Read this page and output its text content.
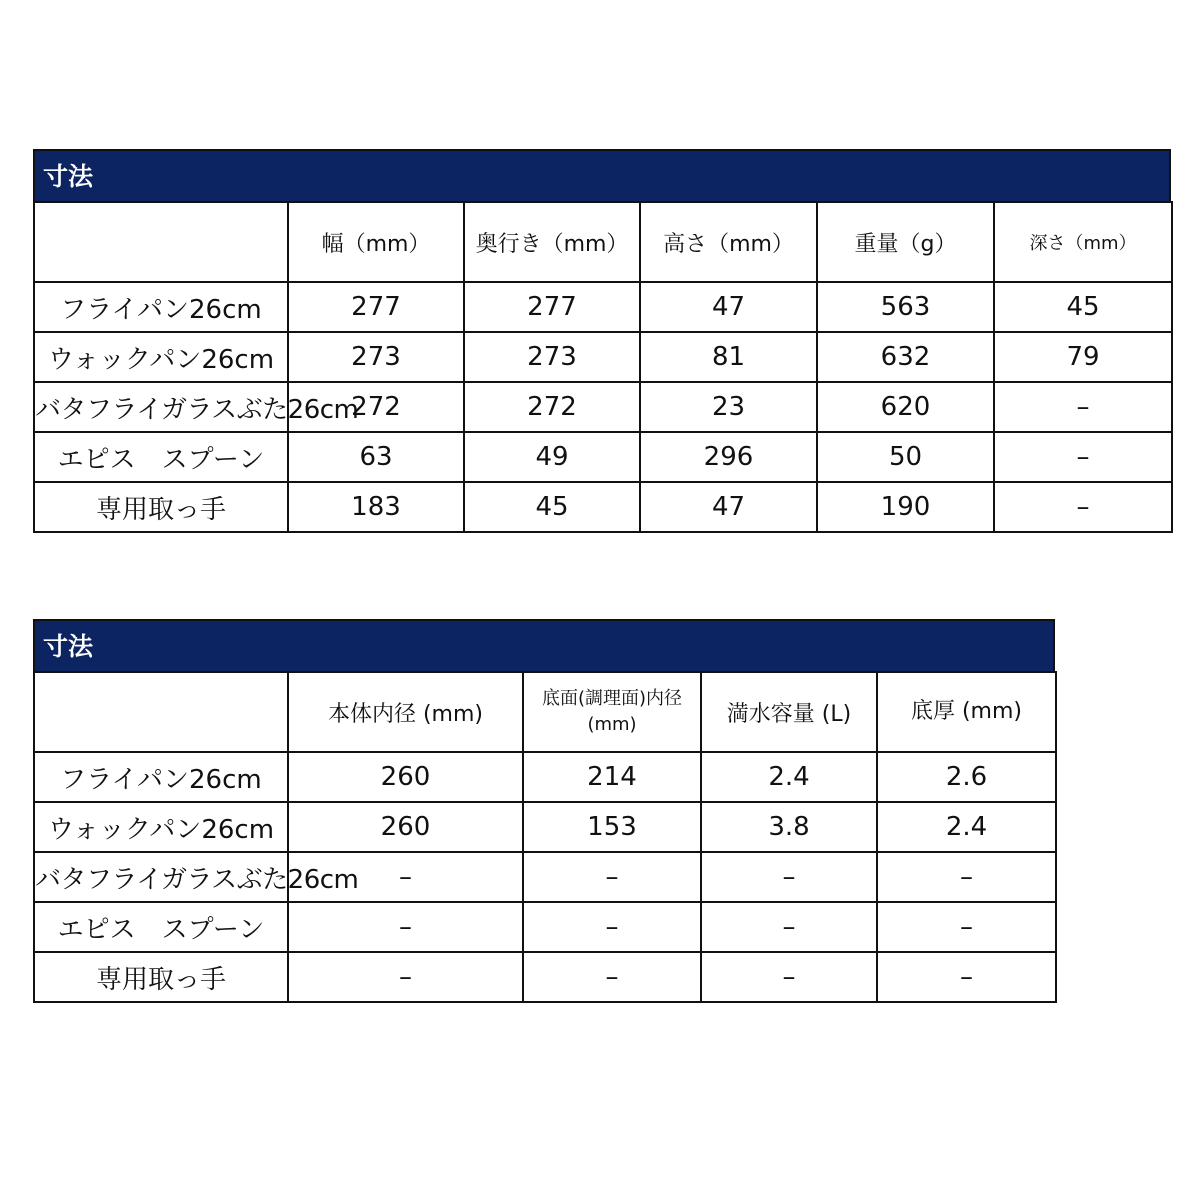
寸法
	幅（mm）	奥行き（mm）	高さ（mm）	重量（g）	深さ（mm）
フライパン26cm	277	277	47	563	45
ウォックパン26cm	273	273	81	632	79
バタフライガラスぶた26cm	272	272	23	620	–
エピス　スプーン	63	49	296	50	–
専用取っ手	183	45	47	190	–
寸法
	本体内径 (mm)	底面(調理面)内径(mm)	満水容量 (L)	底厚 (mm)
フライパン26cm	260	214	2.4	2.6
ウォックパン26cm	260	153	3.8	2.4
バタフライガラスぶた26cm	–	–	–	–
エピス　スプーン	–	–	–	–
専用取っ手	–	–	–	–
